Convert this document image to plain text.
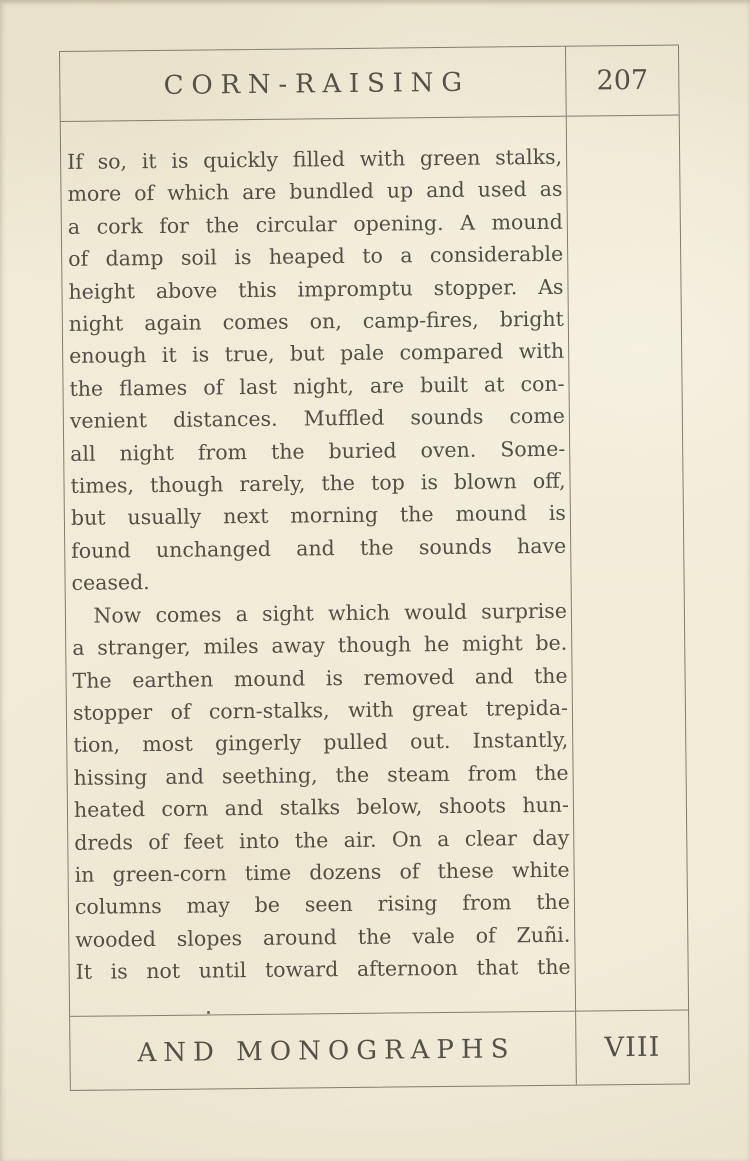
CORN-RAISING	207
If so, it is quickly filled with green stalks,
more of which are bundled up and used as
a cork for the circular opening. A mound
of damp soil is heaped to a considerable
height above this impromptu stopper. As
night again comes on, camp-fires, bright
enough it is true, but pale compared with
the flames of last night, are built at con-
venient distances. Muffled sounds come
all night from the buried oven. Some-
times, though rarely, the top is blown off,
but usually next morning the mound is
found unchanged and the sounds have
ceased.
Now comes a sight which would surprise
a stranger, miles away though he might be.
The earthen mound is removed and the
stopper of corn-stalks, with great trepida-
tion, most gingerly pulled out. Instantly,
hissing and seething, the steam from the
heated corn and stalks below, shoots hun-
dreds of feet into the air. On a clear day
in green-corn time dozens of these white
columns may be seen rising from the
wooded slopes around the vale of Zuñi.
It is not until toward afternoon that the
AND MONOGRAPHS	VIII
